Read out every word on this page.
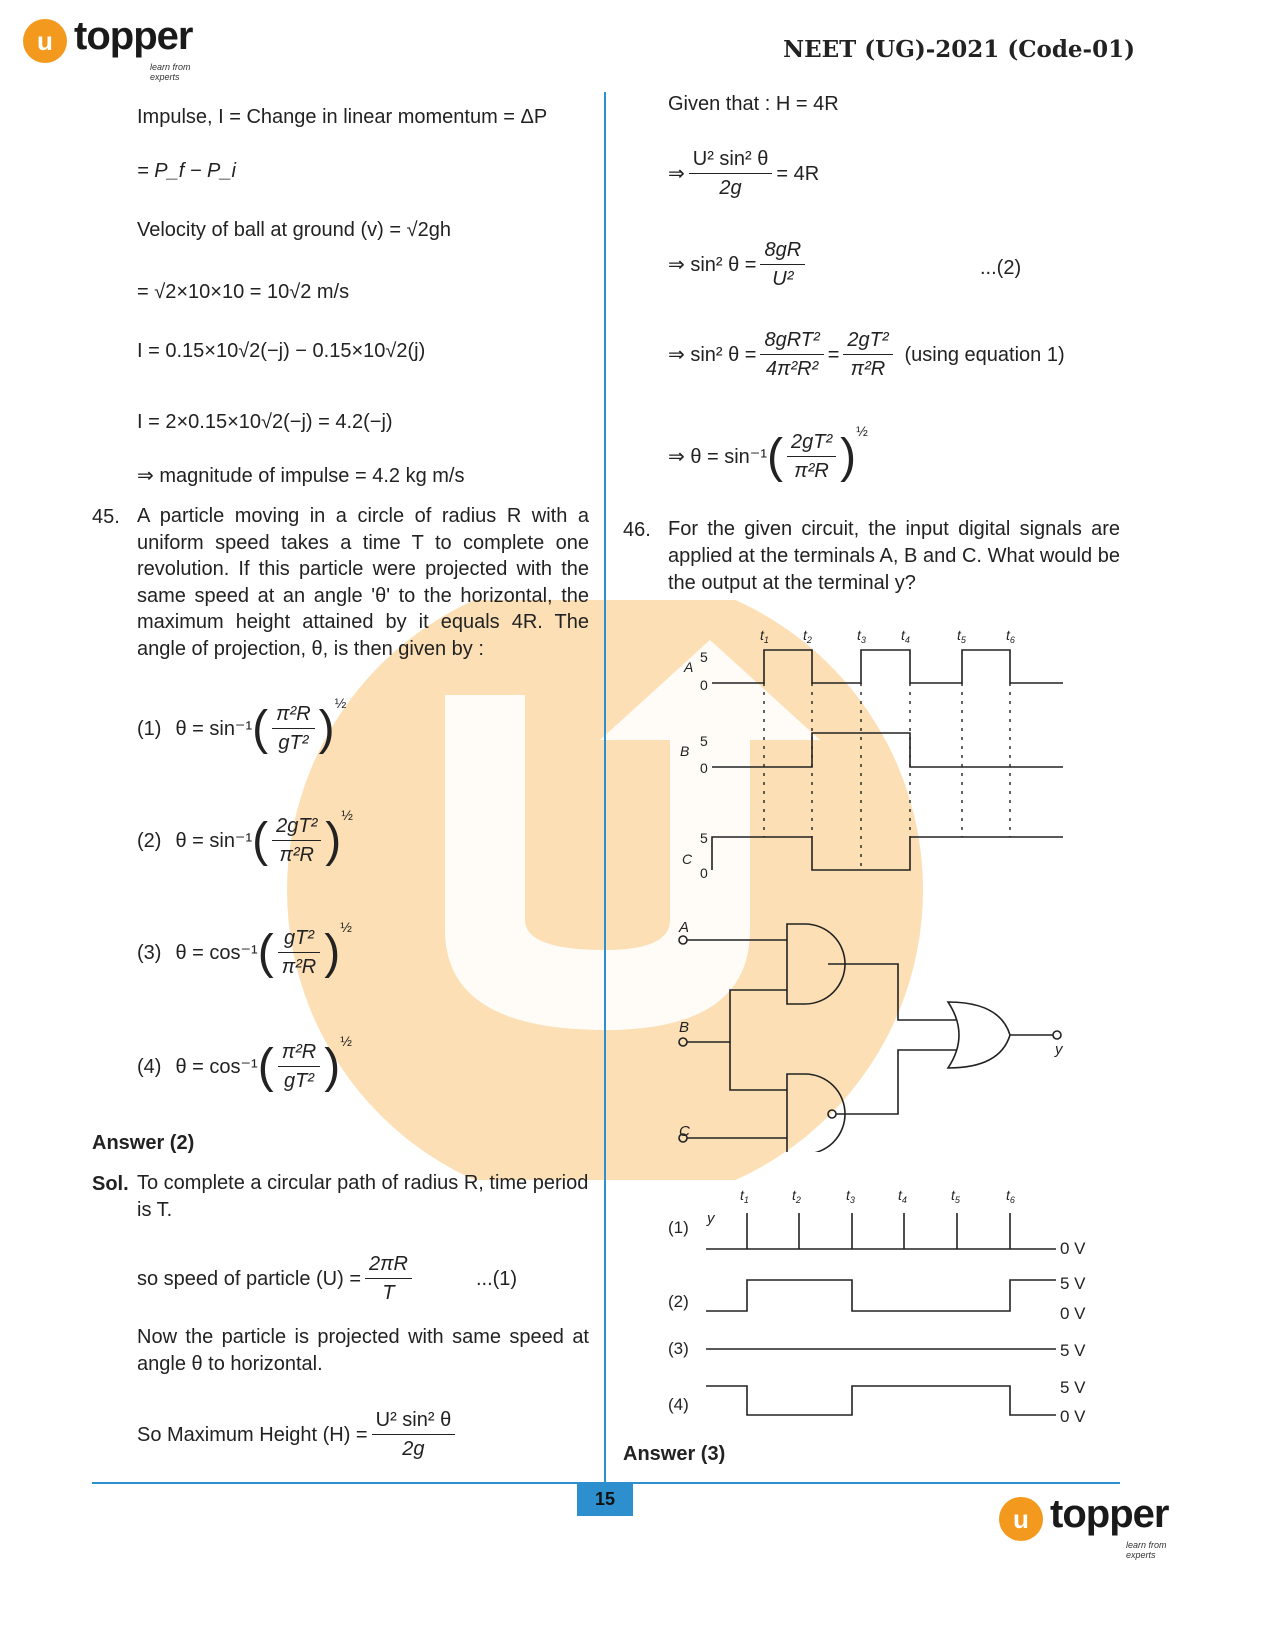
u topper
learn from experts
NEET (UG)-2021 (Code-01)
Impulse, I = Change in linear momentum = ΔP
= P_f − P_i
Velocity of ball at ground (v) = √2gh
= √2×10×10 = 10√2 m/s
I = 0.15×10√2(−j) − 0.15×10√2(j)
I = 2×0.15×10√2(−j) = 4.2(−j)
⇒ magnitude of impulse = 4.2 kg m/s
45. A particle moving in a circle of radius R with a uniform speed takes a time T to complete one revolution. If this particle were projected with the same speed at an angle 'θ' to the horizontal, the maximum height attained by it equals 4R. The angle of projection, θ, is then given by :
(1) θ = sin⁻¹ ( $\frac{\text{π²R}}{\text{gT²}}$ ) ½
(2) θ = sin⁻¹ ( $\frac{\text{2gT²}}{\text{π²R}}$ ) ½
(3) θ = cos⁻¹ ( $\frac{\text{gT²}}{\text{π²R}}$ ) ½
(4) θ = cos⁻¹ ( $\frac{\text{π²R}}{\text{gT²}}$ ) ½
Answer (2)
Sol. To complete a circular path of radius R, time period is T.
so speed of particle $(U) = \frac{2\pi R}{T}$	...(1)
Now the particle is projected with same speed at angle θ to horizontal.
So Maximum Height $(H) = \frac{\text{U² sin² θ}}{2g}$
Given that : H = 4R
⇒ $\frac{\text{U² sin² θ}}{2g} = 4R$
⇒ sin² $\theta = \frac{8gR}{\text{U²}}$	...(2)
⇒ sin² $\theta = \frac{\text{8gRT²}}{\text{4π²R²}} = \frac{\text{2gT²}}{\text{π²R}} (using$ equation 1)
⇒ θ = sin⁻¹ ( $\frac{\text{2gT²}}{\text{π²R}}$ ) ½
46. For the given circuit, the input digital signals are applied at the terminals A, B and C. What would be the output at the terminal y?
$t_1$ $t_2$	$t_3$	$t_4$	$t_5$	$t_6$
A
B
C
5
0
5
0
5
0
A
B
C
y
$t_1$	$t_2$	$t_3$	$t_4$	$t_5$	$t_6$
y
(1)
(2)
(3)
(4)
0 V
5 V
0 V
5 V
5 V
0 V
Answer (3)
15
u topper
learn from experts
